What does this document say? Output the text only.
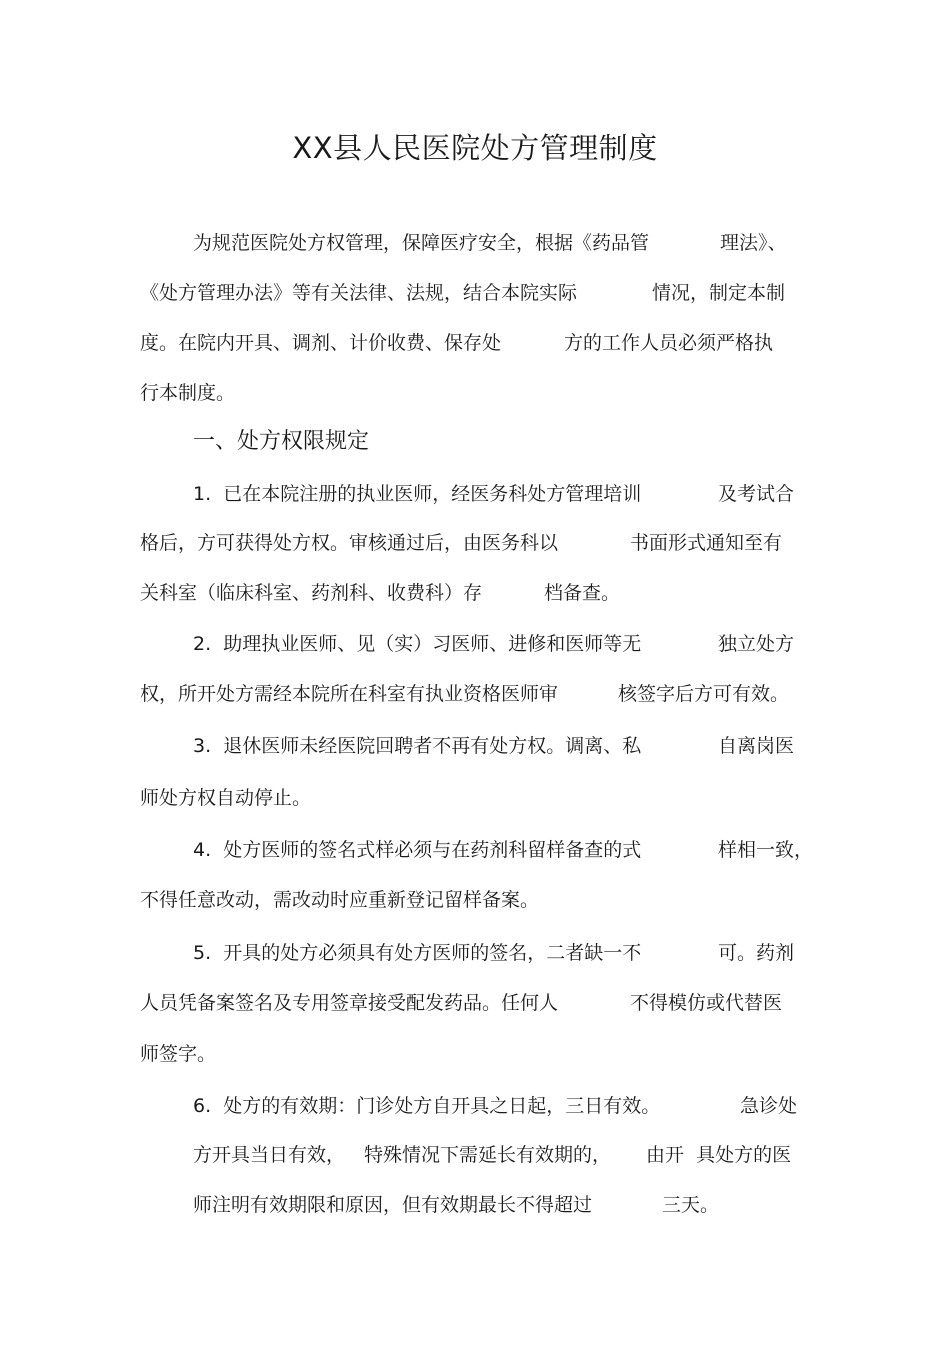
XX县人民医院处方管理制度
为规范医院处方权管理，保障医疗安全，根据《药品管	理法》、
《处方管理办法》等有关法律、法规，结合本院实际	情况，制定本制
度。在院内开具、调剂、计价收费、保存处	方的工作人员必须严格执
行本制度。
一、处方权限规定
1.  已在本院注册的执业医师，经医务科处方管理培训	及考试合
格后，方可获得处方权。审核通过后，由医务科以	书面形式通知至有
关科室（临床科室、药剂科、收费科）存	档备查。
2.  助理执业医师、见（实）习医师、进修和医师等无	独立处方
权，所开处方需经本院所在科室有执业资格医师审	核签字后方可有效。
3.  退休医师未经医院回聘者不再有处方权。调离、私	自离岗医
师处方权自动停止。
4.  处方医师的签名式样必须与在药剂科留样备查的式	样相一致，
不得任意改动，需改动时应重新登记留样备案。
5.  开具的处方必须具有处方医师的签名，二者缺一不	可。药剂
人员凭备案签名及专用签章接受配发药品。任何人	不得模仿或代替医
师签字。
6.  处方的有效期：门诊处方自开具之日起，三日有效。	急诊处
方开具当日有效， 特殊情况下需延长有效期的， 由开  具处方的医
师注明有效期限和原因，但有效期最长不得超过	三天。
